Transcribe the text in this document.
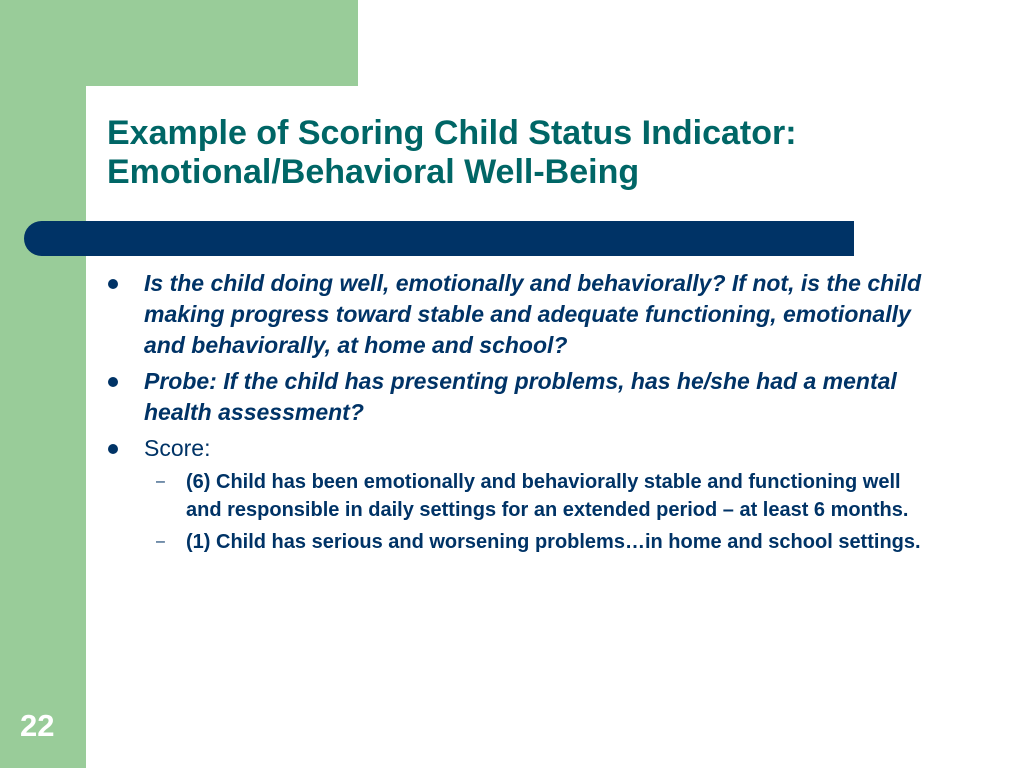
Example of Scoring Child Status Indicator:
Emotional/Behavioral Well-Being
Is the child doing well, emotionally and behaviorally? If not, is the child making progress toward stable and adequate functioning, emotionally and behaviorally, at home and school?
Probe: If the child has presenting problems, has he/she had a mental health assessment?
Score:
– (6) Child has been emotionally and behaviorally stable and functioning well and responsible in daily settings for an extended period – at least 6 months.
– (1) Child has serious and worsening problems…in home and school settings.
22
